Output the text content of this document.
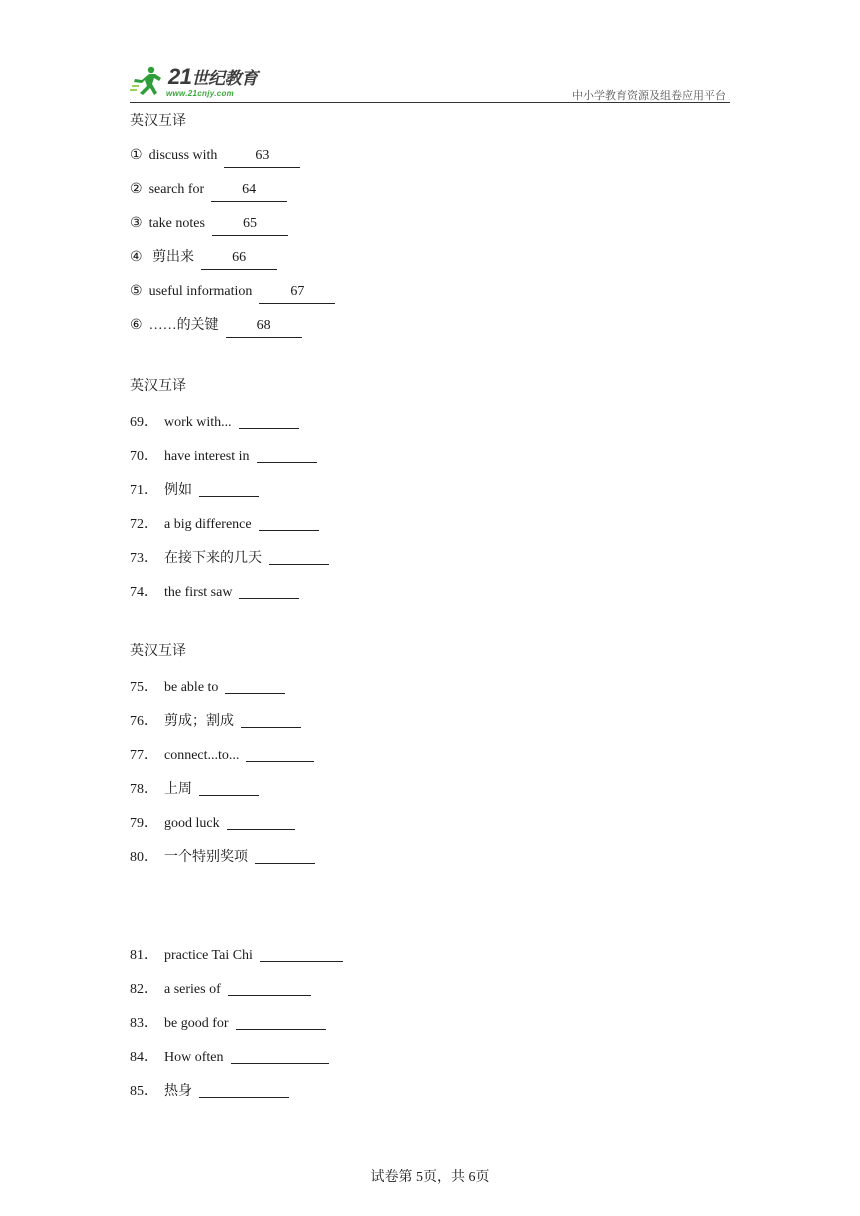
21世纪教育
www.21cnjy.com	中小学教育资源及组卷应用平台
英汉互译
① discuss with	63
② search for	64
③ take notes	65
④ 剪出来	66
⑤ useful information	67
⑥ ……的关键	68
英汉互译
69． work with...
70． have interest in
71． 例如
72． a big difference
73． 在接下来的几天
74． the first saw
英汉互译
75． be able to
76． 剪成；割成
77． connect...to...
78． 上周
79． good luck
80． 一个特别奖项
81． practice Tai Chi
82． a series of
83． be good for
84． How often
85． 热身
试卷第 5页，共 6页
